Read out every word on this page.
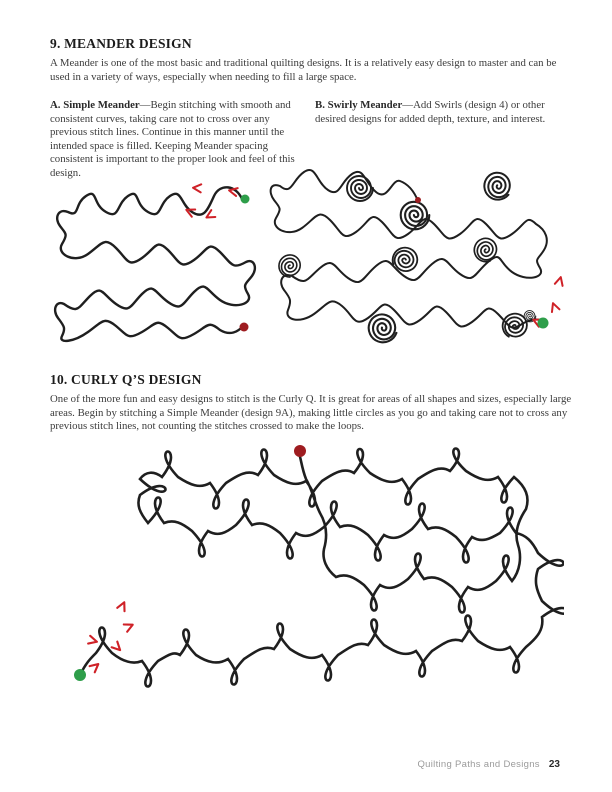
9. MEANDER DESIGN
A Meander is one of the most basic and traditional quilting designs. It is a relatively easy design to master and can be used in a variety of ways, especially when needing to fill a large space.
A. Simple Meander—Begin stitching with smooth and consistent curves, taking care not to cross over any previous stitch lines. Continue in this manner until the intended space is filled. Keeping Meander spacing consistent is important to the proper look and feel of this design.
B. Swirly Meander—Add Swirls (design 4) or other desired designs for added depth, texture, and interest.
10. CURLY Q’S DESIGN
One of the more fun and easy designs to stitch is the Curly Q. It is great for areas of all shapes and sizes, especially large areas. Begin by stitching a Simple Meander (design 9A), making little circles as you go and taking care not to cross any previous stitch lines, not counting the stitches crossed to make the loops.
Quilting Paths and Designs 23
